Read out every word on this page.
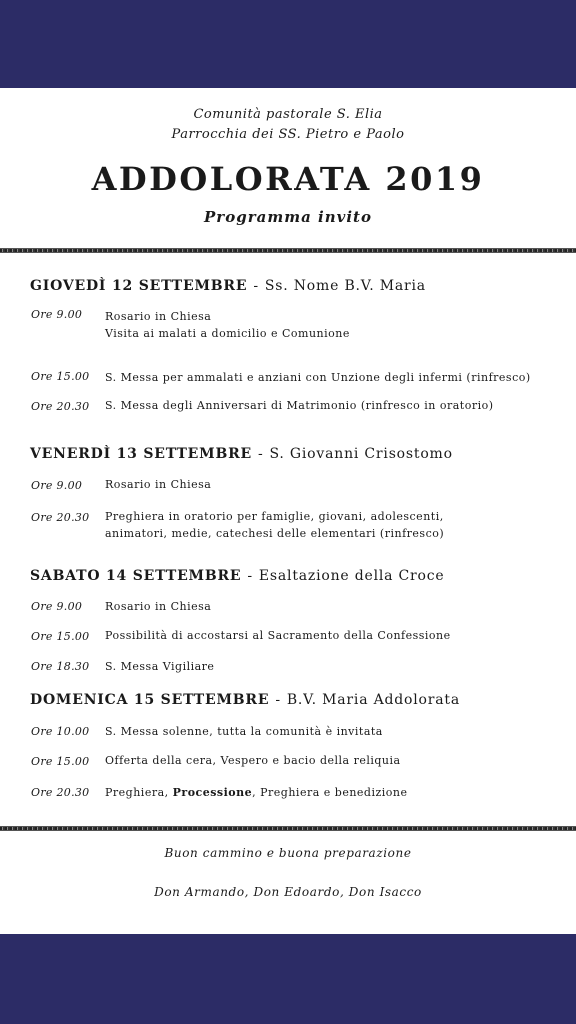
Comunità pastorale S. Elia
Parrocchia dei SS. Pietro e Paolo
ADDOLORATA 2019
Programma invito
GIOVEDÌ 12 SETTEMBRE - Ss. Nome B.V. Maria
Ore 9.00 Rosario in Chiesa
Visita ai malati a domicilio e Comunione
Ore 15.00 S. Messa per ammalati e anziani con Unzione degli infermi (rinfresco)
Ore 20.30 S. Messa degli Anniversari di Matrimonio (rinfresco in oratorio)
VENERDÌ 13 SETTEMBRE - S. Giovanni Crisostomo
Ore 9.00 Rosario in Chiesa
Ore 20.30 Preghiera in oratorio per famiglie, giovani, adolescenti,
animatori, medie, catechesi delle elementari (rinfresco)
SABATO 14 SETTEMBRE - Esaltazione della Croce
Ore 9.00 Rosario in Chiesa
Ore 15.00 Possibilità di accostarsi al Sacramento della Confessione
Ore 18.30 S. Messa Vigiliare
DOMENICA 15 SETTEMBRE - B.V. Maria Addolorata
Ore 10.00 S. Messa solenne, tutta la comunità è invitata
Ore 15.00 Offerta della cera, Vespero e bacio della reliquia
Ore 20.30 Preghiera, Processione, Preghiera e benedizione
Buon cammino e buona preparazione
Don Armando, Don Edoardo, Don Isacco
